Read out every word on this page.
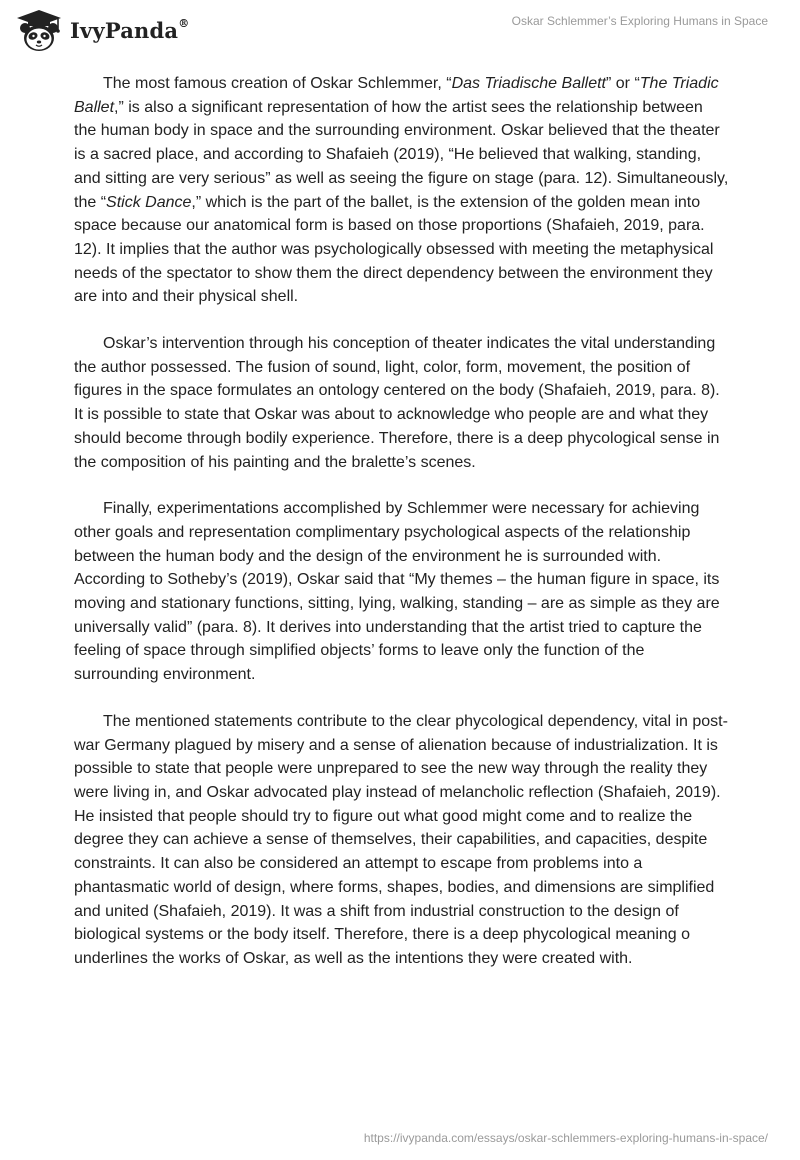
IvyPanda®	Oskar Schlemmer’s Exploring Humans in Space

The most famous creation of Oskar Schlemmer, “Das Triadische Ballett” or “The Triadic Ballet,” is also a significant representation of how the artist sees the relationship between the human body in space and the surrounding environment. Oskar believed that the theater is a sacred place, and according to Shafaieh (2019), “He believed that walking, standing, and sitting are very serious” as well as seeing the figure on stage (para. 12). Simultaneously, the “Stick Dance,” which is the part of the ballet, is the extension of the golden mean into space because our anatomical form is based on those proportions (Shafaieh, 2019, para. 12). It implies that the author was psychologically obsessed with meeting the metaphysical needs of the spectator to show them the direct dependency between the environment they are into and their physical shell.

Oskar’s intervention through his conception of theater indicates the vital understanding the author possessed. The fusion of sound, light, color, form, movement, the position of figures in the space formulates an ontology centered on the body (Shafaieh, 2019, para. 8). It is possible to state that Oskar was about to acknowledge who people are and what they should become through bodily experience. Therefore, there is a deep phycological sense in the composition of his painting and the bralette’s scenes.

Finally, experimentations accomplished by Schlemmer were necessary for achieving other goals and representation complimentary psychological aspects of the relationship between the human body and the design of the environment he is surrounded with. According to Sotheby’s (2019), Oskar said that “My themes – the human figure in space, its moving and stationary functions, sitting, lying, walking, standing – are as simple as they are universally valid” (para. 8). It derives into understanding that the artist tried to capture the feeling of space through simplified objects’ forms to leave only the function of the surrounding environment.

The mentioned statements contribute to the clear phycological dependency, vital in post-war Germany plagued by misery and a sense of alienation because of industrialization. It is possible to state that people were unprepared to see the new way through the reality they were living in, and Oskar advocated play instead of melancholic reflection (Shafaieh, 2019). He insisted that people should try to figure out what good might come and to realize the degree they can achieve a sense of themselves, their capabilities, and capacities, despite constraints. It can also be considered an attempt to escape from problems into a phantasmatic world of design, where forms, shapes, bodies, and dimensions are simplified and united (Shafaieh, 2019). It was a shift from industrial construction to the design of biological systems or the body itself. Therefore, there is a deep phycological meaning o underlines the works of Oskar, as well as the intentions they were created with.

https://ivypanda.com/essays/oskar-schlemmers-exploring-humans-in-space/
